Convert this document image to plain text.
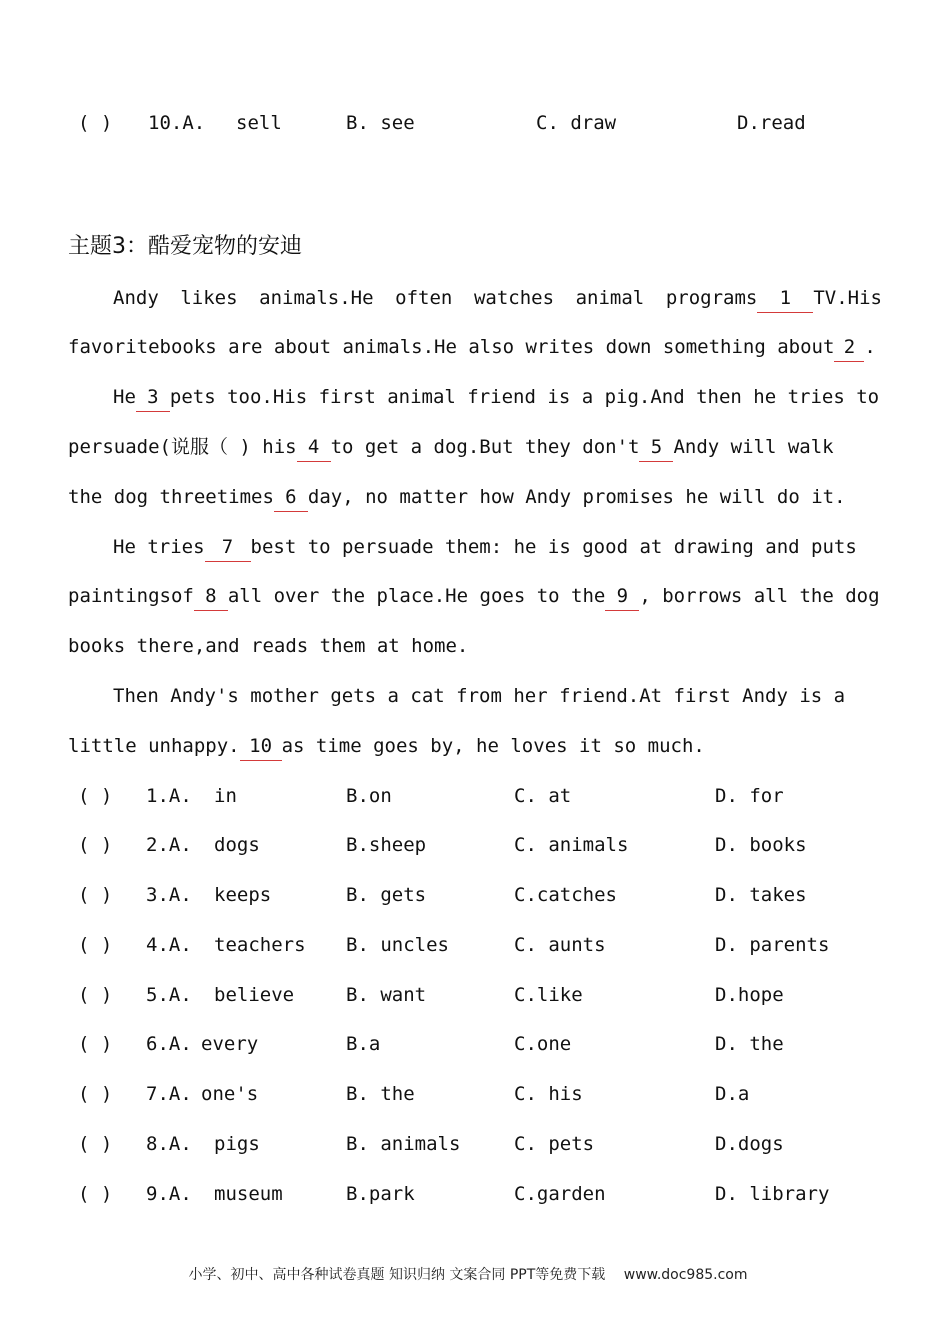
( ) 10.A. sell	B. see	C. draw	D.read
主题3：酷爱宠物的安迪
Andy likes animals.He often watches animal programs 1 TV.His
favoritebooks are about animals.He also writes down something about 2 .
He 3 pets too.His first animal friend is a pig.And then he tries to
persuade(说服（ ) his 4 to get a dog.But they don't 5 Andy will walk
the dog threetimes 6 day, no matter how Andy promises he will do it.
He tries 7 best to persuade them: he is good at drawing and puts
paintingsof 8 all over the place.He goes to the 9 , borrows all the dog
books there,and reads them at home.
Then Andy's mother gets a cat from her friend.At first Andy is a
little unhappy. 10 as time goes by, he loves it so much.
( ) 1.A. in	B.on	C. at	D. for
( ) 2.A. dogs	B.sheep	C. animals	D. books
( ) 3.A. keeps	B. gets	C.catches	D. takes
( ) 4.A. teachers B. uncles	C. aunts	D. parents
( ) 5.A. believe	B. want	C.like	D.hope
( ) 6.A. every	B.a	C.one	D. the
( ) 7.A. one's	B. the	C. his	D.a
( ) 8.A. pigs	B. animals	C. pets	D.dogs
( ) 9.A. museum	B.park	C.garden	D. library
小学、初中、高中各种试卷真题 知识归纳 文案合同 PPT等免费下载 www.doc985.com
